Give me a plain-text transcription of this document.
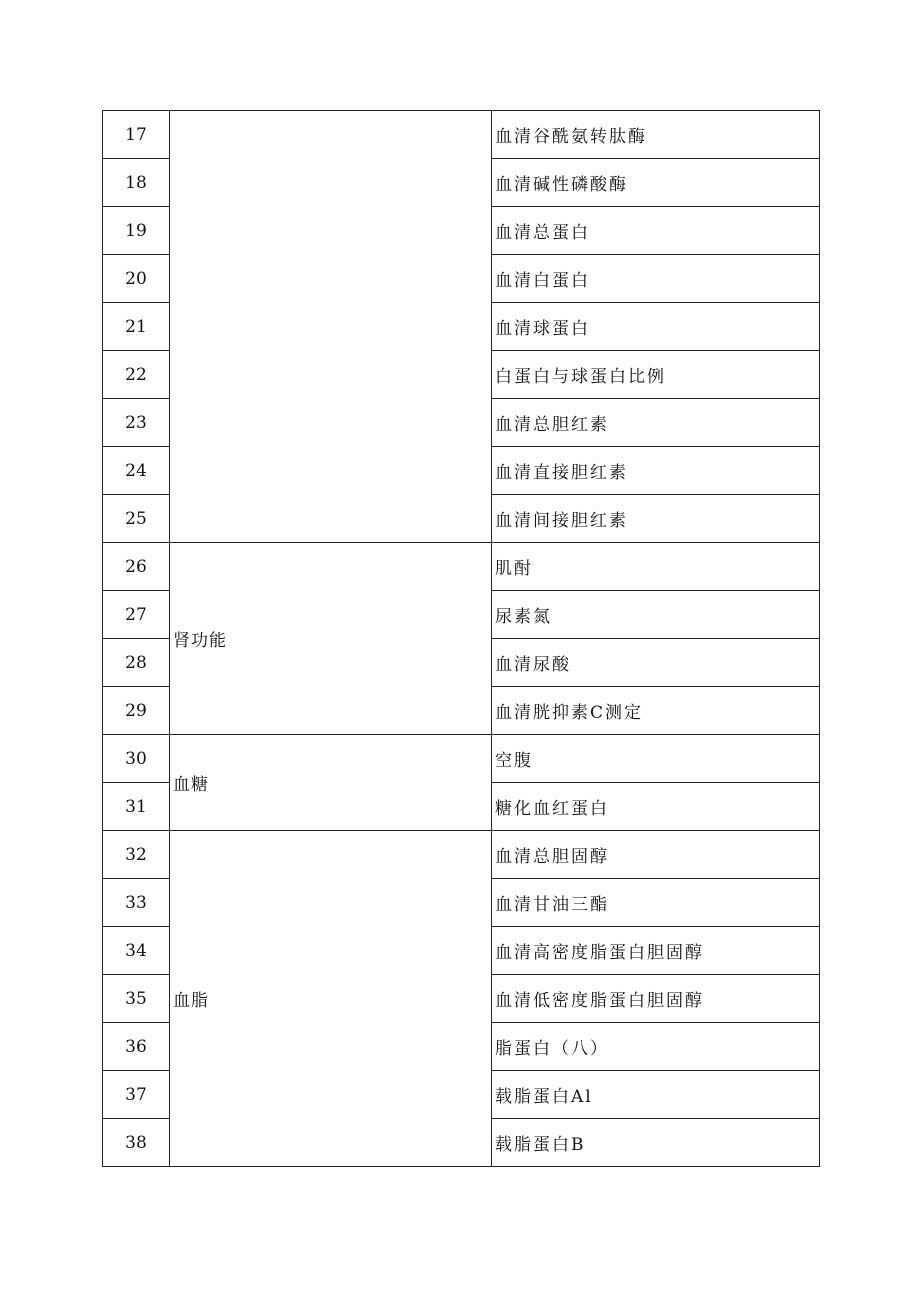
17		血清谷酰氨转肽酶
18		血清碱性磷酸酶
19		血清总蛋白
20		血清白蛋白
21		血清球蛋白
22		白蛋白与球蛋白比例
23		血清总胆红素
24		血清直接胆红素
25		血清间接胆红素
26	肾功能	肌酎
27		尿素氮
28		血清尿酸
29		血清胱抑素C测定
30	血糖	空腹
31		糖化血红蛋白
32	血脂	血清总胆固醇
33		血清甘油三酯
34		血清高密度脂蛋白胆固醇
35		血清低密度脂蛋白胆固醇
36		脂蛋白（八）
37		载脂蛋白Al
38		载脂蛋白B
